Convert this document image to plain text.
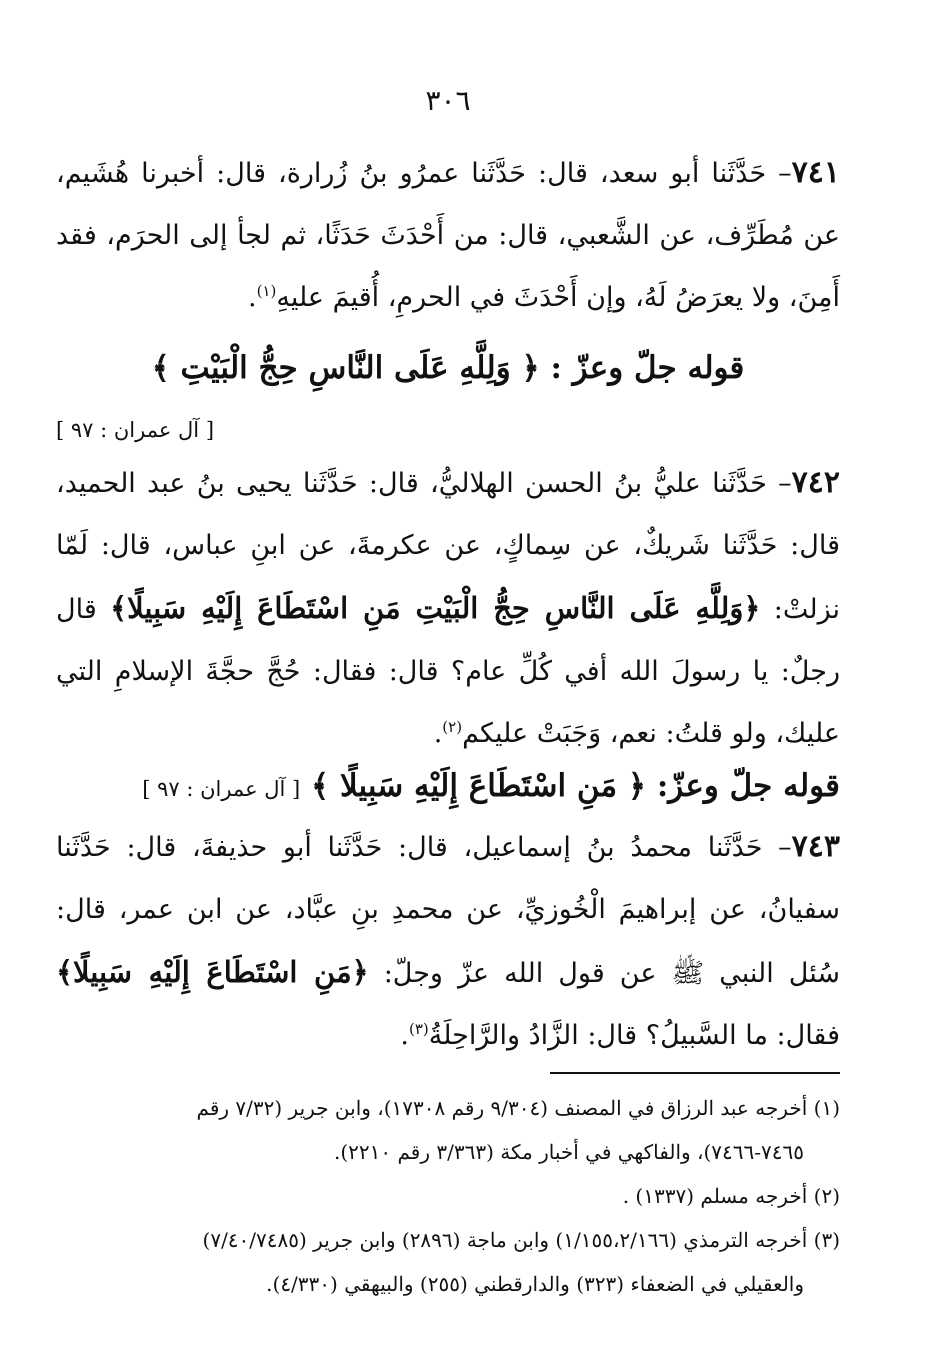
٣٠٦
٧٤١– حَدَّثَنا أبو سعد، قال: حَدَّثَنا عمرُو بنُ زُرارة، قال: أخبرنا هُشَيم، عن مُطَرِّف، عن الشَّعبي، قال: من أَحْدَثَ حَدَثًا، ثم لجأ إلى الحرَم، فقد أَمِنَ، ولا يعرَضُ لَهُ، وإن أَحْدَثَ في الحرمِ، أُقيمَ عليهِ$^{(١)}$.
قوله جلّ وعزّ : ﴿ وَلِلَّهِ عَلَى النَّاسِ حِجُّ الْبَيْتِ ﴾
[ آل عمران : ٩٧ ]
٧٤٢– حَدَّثَنا عليُّ بنُ الحسن الهلاليُّ، قال: حَدَّثَنا يحيى بنُ عبد الحميد، قال: حَدَّثَنا شَريكٌ، عن سِماكٍ، عن عكرمةَ، عن ابنِ عباس، قال: لَمّا نزلتْ: ﴿وَلِلَّهِ عَلَى النَّاسِ حِجُّ الْبَيْتِ مَنِ اسْتَطَاعَ إِلَيْهِ سَبِيلًا﴾ قال رجلٌ: يا رسولَ الله أفي كُلِّ عام؟ قال: فقال: حُجَّ حجَّةَ الإسلامِ التي عليك، ولو قلتُ: نعم، وَجَبَتْ عليكم$^{(٢)}$.
قوله جلّ وعزّ: ﴿ مَنِ اسْتَطَاعَ إِلَيْهِ سَبِيلًا ﴾ [ آل عمران : ٩٧ ]
٧٤٣– حَدَّثَنا محمدُ بنُ إسماعيل، قال: حَدَّثَنا أبو حذيفةَ، قال: حَدَّثَنا سفيانُ، عن إبراهيمَ الْخُوزيِّ، عن محمدِ بنِ عبَّاد، عن ابن عمر، قال: سُئل النبي ﷺ عن قول الله عزّ وجلّ: ﴿مَنِ اسْتَطَاعَ إِلَيْهِ سَبِيلًا﴾ فقال: ما السَّبيلُ؟ قال: الزَّادُ والرَّاحِلَةُ$^{(٣)}$.
(١) أخرجه عبد الرزاق في المصنف (٩/٣٠٤ رقم ١٧٣٠٨)، وابن جرير (٧/٣٢ رقم
٧٤٦٥-٧٤٦٦)، والفاكهي في أخبار مكة (٣/٣٦٣ رقم ٢٢١٠).
(٢) أخرجه مسلم (١٣٣٧) .
(٣) أخرجه الترمذي (١/١٥٥،٢/١٦٦) وابن ماجة (٢٨٩٦) وابن جرير (٧/٤٠/٧٤٨٥)
والعقيلي في الضعفاء (٣٢٣) والدارقطني (٢٥٥) والبيهقي (٤/٣٣٠).
